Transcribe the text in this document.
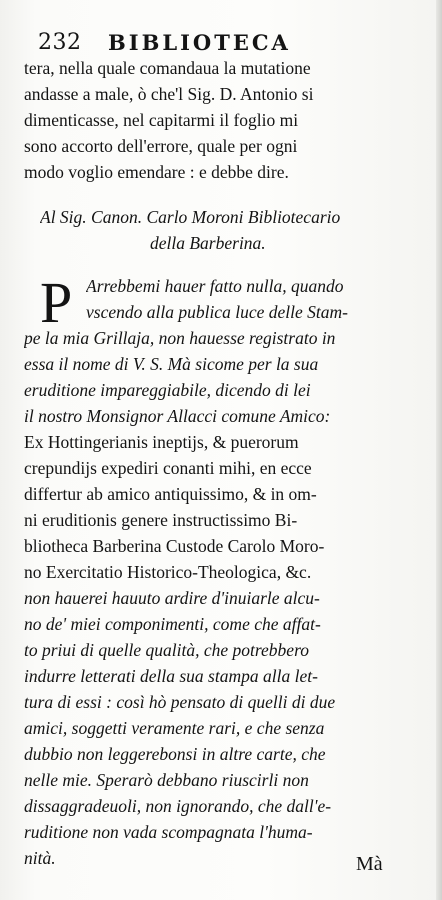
232 BIBLIOTECA
tera, nella quale comandaua la mutatione
andasse a male, ò che'l Sig. D. Antonio si
dimenticasse, nel capitarmi il foglio mi
sono accorto dell'errore, quale per ogni
modo voglio emendare : e debbe dire.
Al Sig. Canon. Carlo Moroni Bibliotecario
della Barberina.
P Arrebbemi hauer fatto nulla, quando
vscendo alla publica luce delle Stam-
pe la mia Grillaja, non hauesse registrato in
essa il nome di V. S. Mà sicome per la sua
eruditione impareggiabile, dicendo di lei
il nostro Monsignor Allacci comune Amico:
Ex Hottingerianis ineptijs, & puerorum
crepundijs expediri conanti mihi, en ecce
differtur ab amico antiquissimo, & in om-
ni eruditionis genere instructissimo Bi-
bliotheca Barberina Custode Carolo Moro-
no Exercitatio Historico-Theologica, &c.
non hauerei hauuto ardire d'inuiarle alcu-
no de' miei componimenti, come che affat-
to priui di quelle qualità, che potrebbero
indurre letterati della sua stampa alla let-
tura di essi : così hò pensato di quelli di due
amici, soggetti veramente rari, e che senza
dubbio non leggerebonsi in altre carte, che
nelle mie. Sperarò debbano riuscirli non
dissaggradeuoli, non ignorando, che dall'e-
ruditione non vada scompagnata l'huma-
nità.	Mà
